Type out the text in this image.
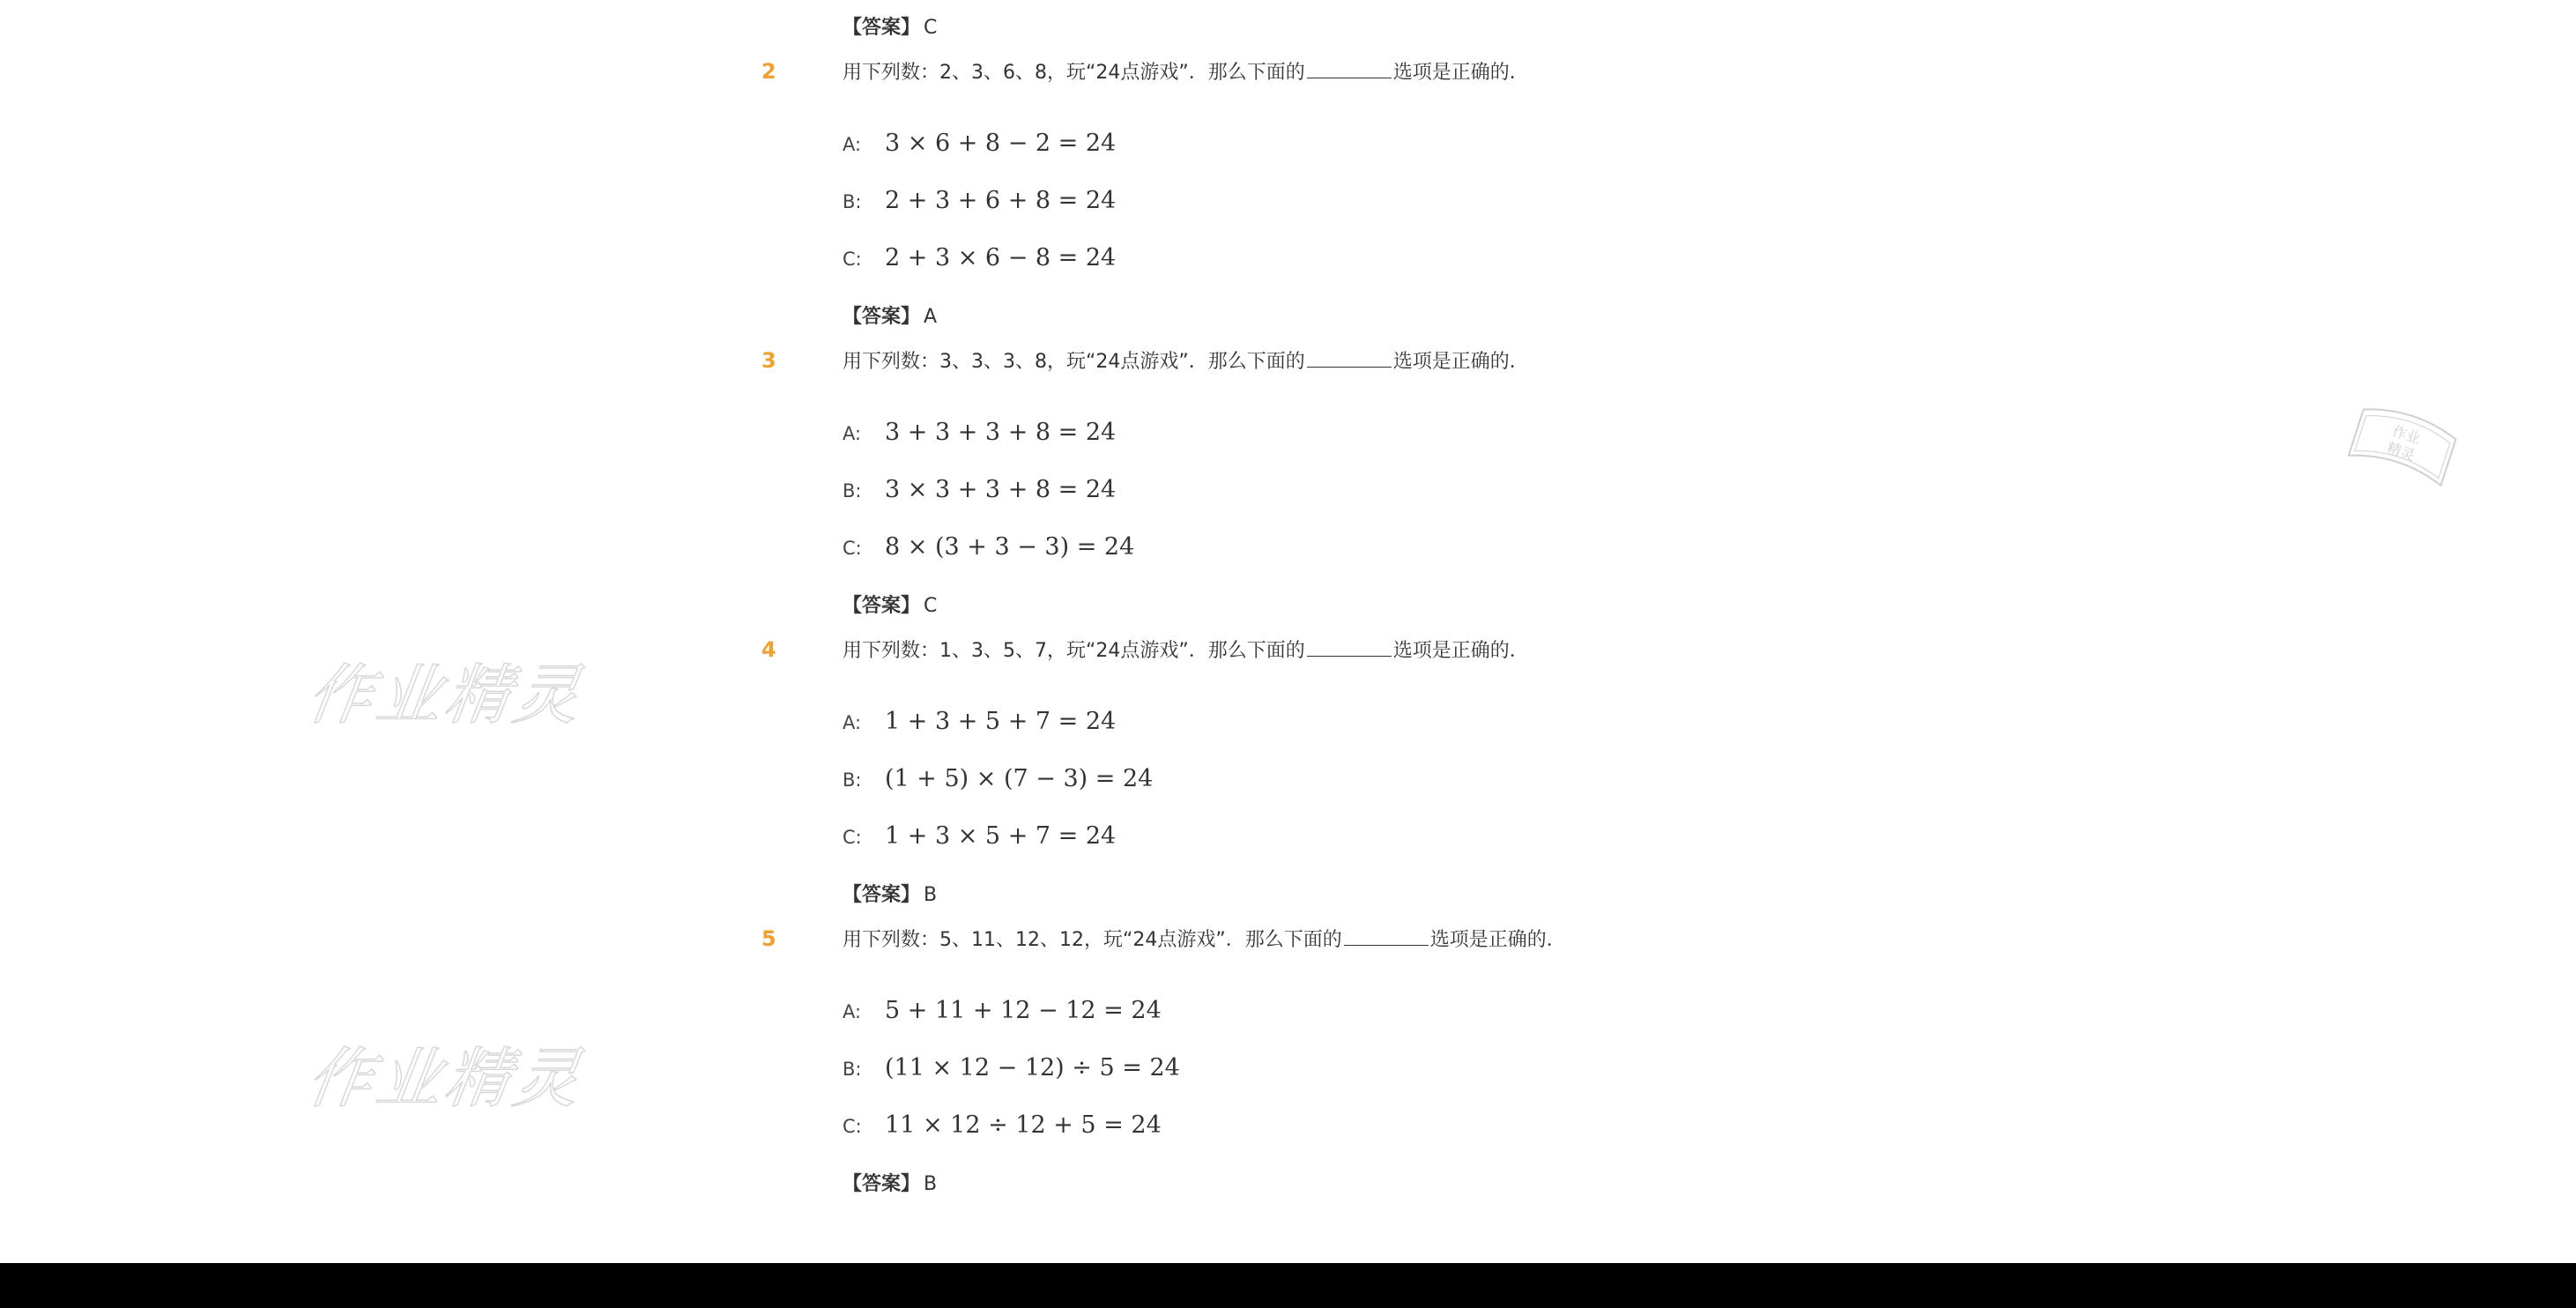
【答案】 C
2	用下列数：2、3、6、8，玩“24点游戏”．那么下面的	选项是正确的．
A: 3 × 6 + 8 − 2 = 24
B: 2 + 3 + 6 + 8 = 24
C: 2 + 3 × 6 − 8 = 24
【答案】 A
3	用下列数：3、3、3、8，玩“24点游戏”．那么下面的	选项是正确的．
A: 3 + 3 + 3 + 8 = 24
B: 3 × 3 + 3 + 8 = 24
C: 8 × (3 + 3 − 3) = 24
【答案】 C
4	用下列数：1、3、5、7，玩“24点游戏”．那么下面的	选项是正确的．
A: 1 + 3 + 5 + 7 = 24
B: (1 + 5) × (7 − 3) = 24
C: 1 + 3 × 5 + 7 = 24
【答案】 B
5	用下列数：5、11、12、12，玩“24点游戏”．那么下面的	选项是正确的．
A: 5 + 11 + 12 − 12 = 24
B: (11 × 12 − 12) ÷ 5 = 24
C: 11 × 12 ÷ 12 + 5 = 24
【答案】 B
作业精灵
作业精灵
作业
精灵
